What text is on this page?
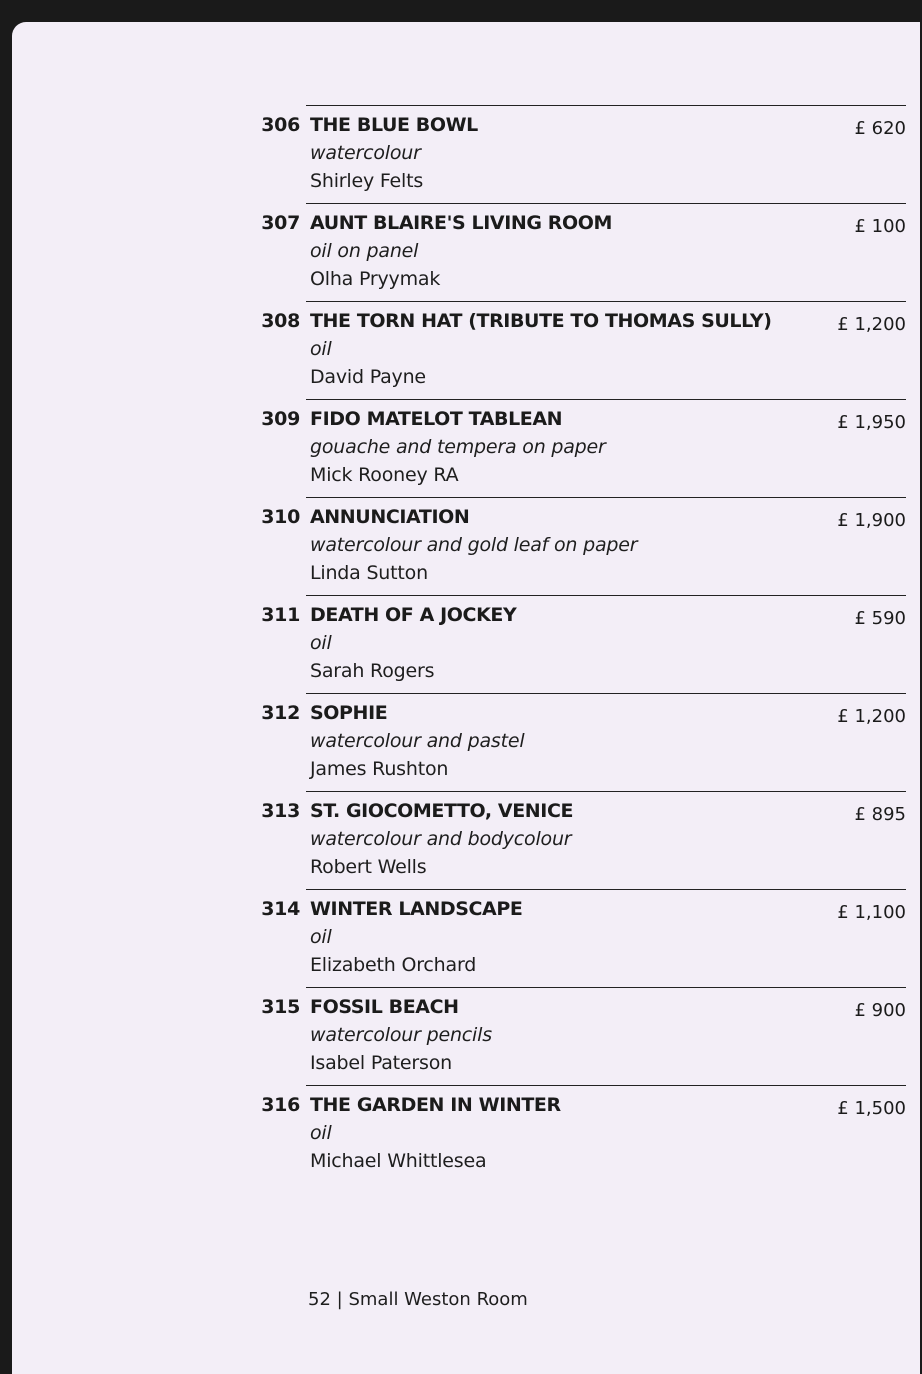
306 THE BLUE BOWL
watercolour
Shirley Felts
£ 620
307 AUNT BLAIRE'S LIVING ROOM
oil on panel
Olha Pryymak
£ 100
308 THE TORN HAT (TRIBUTE TO THOMAS SULLY)
oil
David Payne
£ 1,200
309 FIDO MATELOT TABLEAN
gouache and tempera on paper
Mick Rooney RA
£ 1,950
310 ANNUNCIATION
watercolour and gold leaf on paper
Linda Sutton
£ 1,900
311 DEATH OF A JOCKEY
oil
Sarah Rogers
£ 590
312 SOPHIE
watercolour and pastel
James Rushton
£ 1,200
313 ST. GIOCOMETTO, VENICE
watercolour and bodycolour
Robert Wells
£ 895
314 WINTER LANDSCAPE
oil
Elizabeth Orchard
£ 1,100
315 FOSSIL BEACH
watercolour pencils
Isabel Paterson
£ 900
316 THE GARDEN IN WINTER
oil
Michael Whittlesea
£ 1,500
52 | Small Weston Room
